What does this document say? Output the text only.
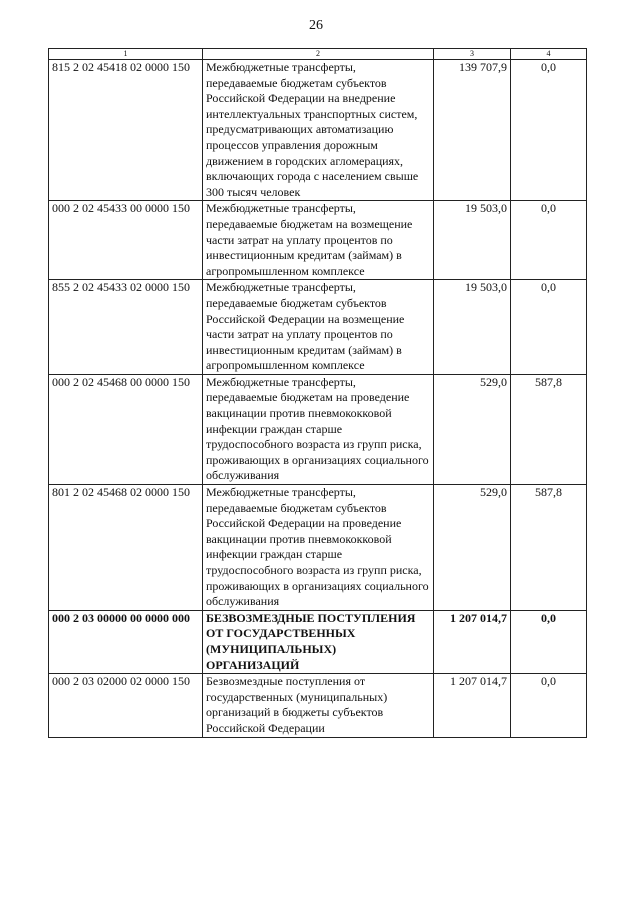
26
1	2	3	4
815 2 02 45418 02 0000 150	Межбюджетные трансферты, передаваемые бюджетам субъектов Российской Федерации на внедрение интеллектуальных транспортных систем, предусматривающих автоматизацию процессов управления дорожным движением в городских агломерациях, включающих города с населением свыше 300 тысяч человек	139 707,9	0,0
000 2 02 45433 00 0000 150	Межбюджетные трансферты, передаваемые бюджетам на возмещение части затрат на уплату процентов по инвестиционным кредитам (займам) в агропромышленном комплексе	19 503,0	0,0
855 2 02 45433 02 0000 150	Межбюджетные трансферты, передаваемые бюджетам субъектов Российской Федерации на возмещение части затрат на уплату процентов по инвестиционным кредитам (займам) в агропромышленном комплексе	19 503,0	0,0
000 2 02 45468 00 0000 150	Межбюджетные трансферты, передаваемые бюджетам на проведение вакцинации против пневмококковой инфекции граждан старше трудоспособного возраста из групп риска, проживающих в организациях социального обслуживания	529,0	587,8
801 2 02 45468 02 0000 150	Межбюджетные трансферты, передаваемые бюджетам субъектов Российской Федерации на проведение вакцинации против пневмококковой инфекции граждан старше трудоспособного возраста из групп риска, проживающих в организациях социального обслуживания	529,0	587,8
000 2 03 00000 00 0000 000	БЕЗВОЗМЕЗДНЫЕ ПОСТУПЛЕНИЯ ОТ ГОСУДАРСТВЕННЫХ (МУНИЦИПАЛЬНЫХ) ОРГАНИЗАЦИЙ	1 207 014,7	0,0
000 2 03 02000 02 0000 150	Безвозмездные поступления от государственных (муниципальных) организаций в бюджеты субъектов Российской Федерации	1 207 014,7	0,0
